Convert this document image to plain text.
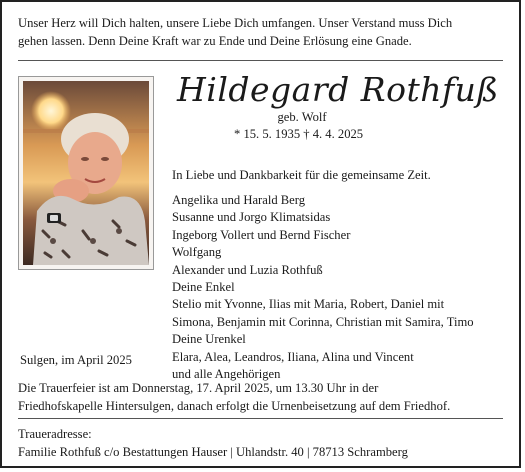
Unser Herz will Dich halten, unsere Liebe Dich umfangen. Unser Verstand muss Dich
gehen lassen. Denn Deine Kraft war zu Ende und Deine Erlösung eine Gnade.
Hildegard Rothfuß
geb. Wolf
* 15. 5. 1935 † 4. 4. 2025
In Liebe und Dankbarkeit für die gemeinsame Zeit.
Angelika und Harald Berg
Susanne und Jorgo Klimatsidas
Ingeborg Vollert und Bernd Fischer
Wolfgang
Alexander und Luzia Rothfuß
Deine Enkel
Stelio mit Yvonne, Ilias mit Maria, Robert, Daniel mit
Simona, Benjamin mit Corinna, Christian mit Samira, Timo
Deine Urenkel
Elara, Alea, Leandros, Iliana, Alina und Vincent
und alle Angehörigen
Sulgen, im April 2025
Die Trauerfeier ist am Donnerstag, 17. April 2025, um 13.30 Uhr in der
Friedhofskapelle Hintersulgen, danach erfolgt die Urnenbeisetzung auf dem Friedhof.
Traueradresse:
Familie Rothfuß c/o Bestattungen Hauser | Uhlandstr. 40 | 78713 Schramberg
